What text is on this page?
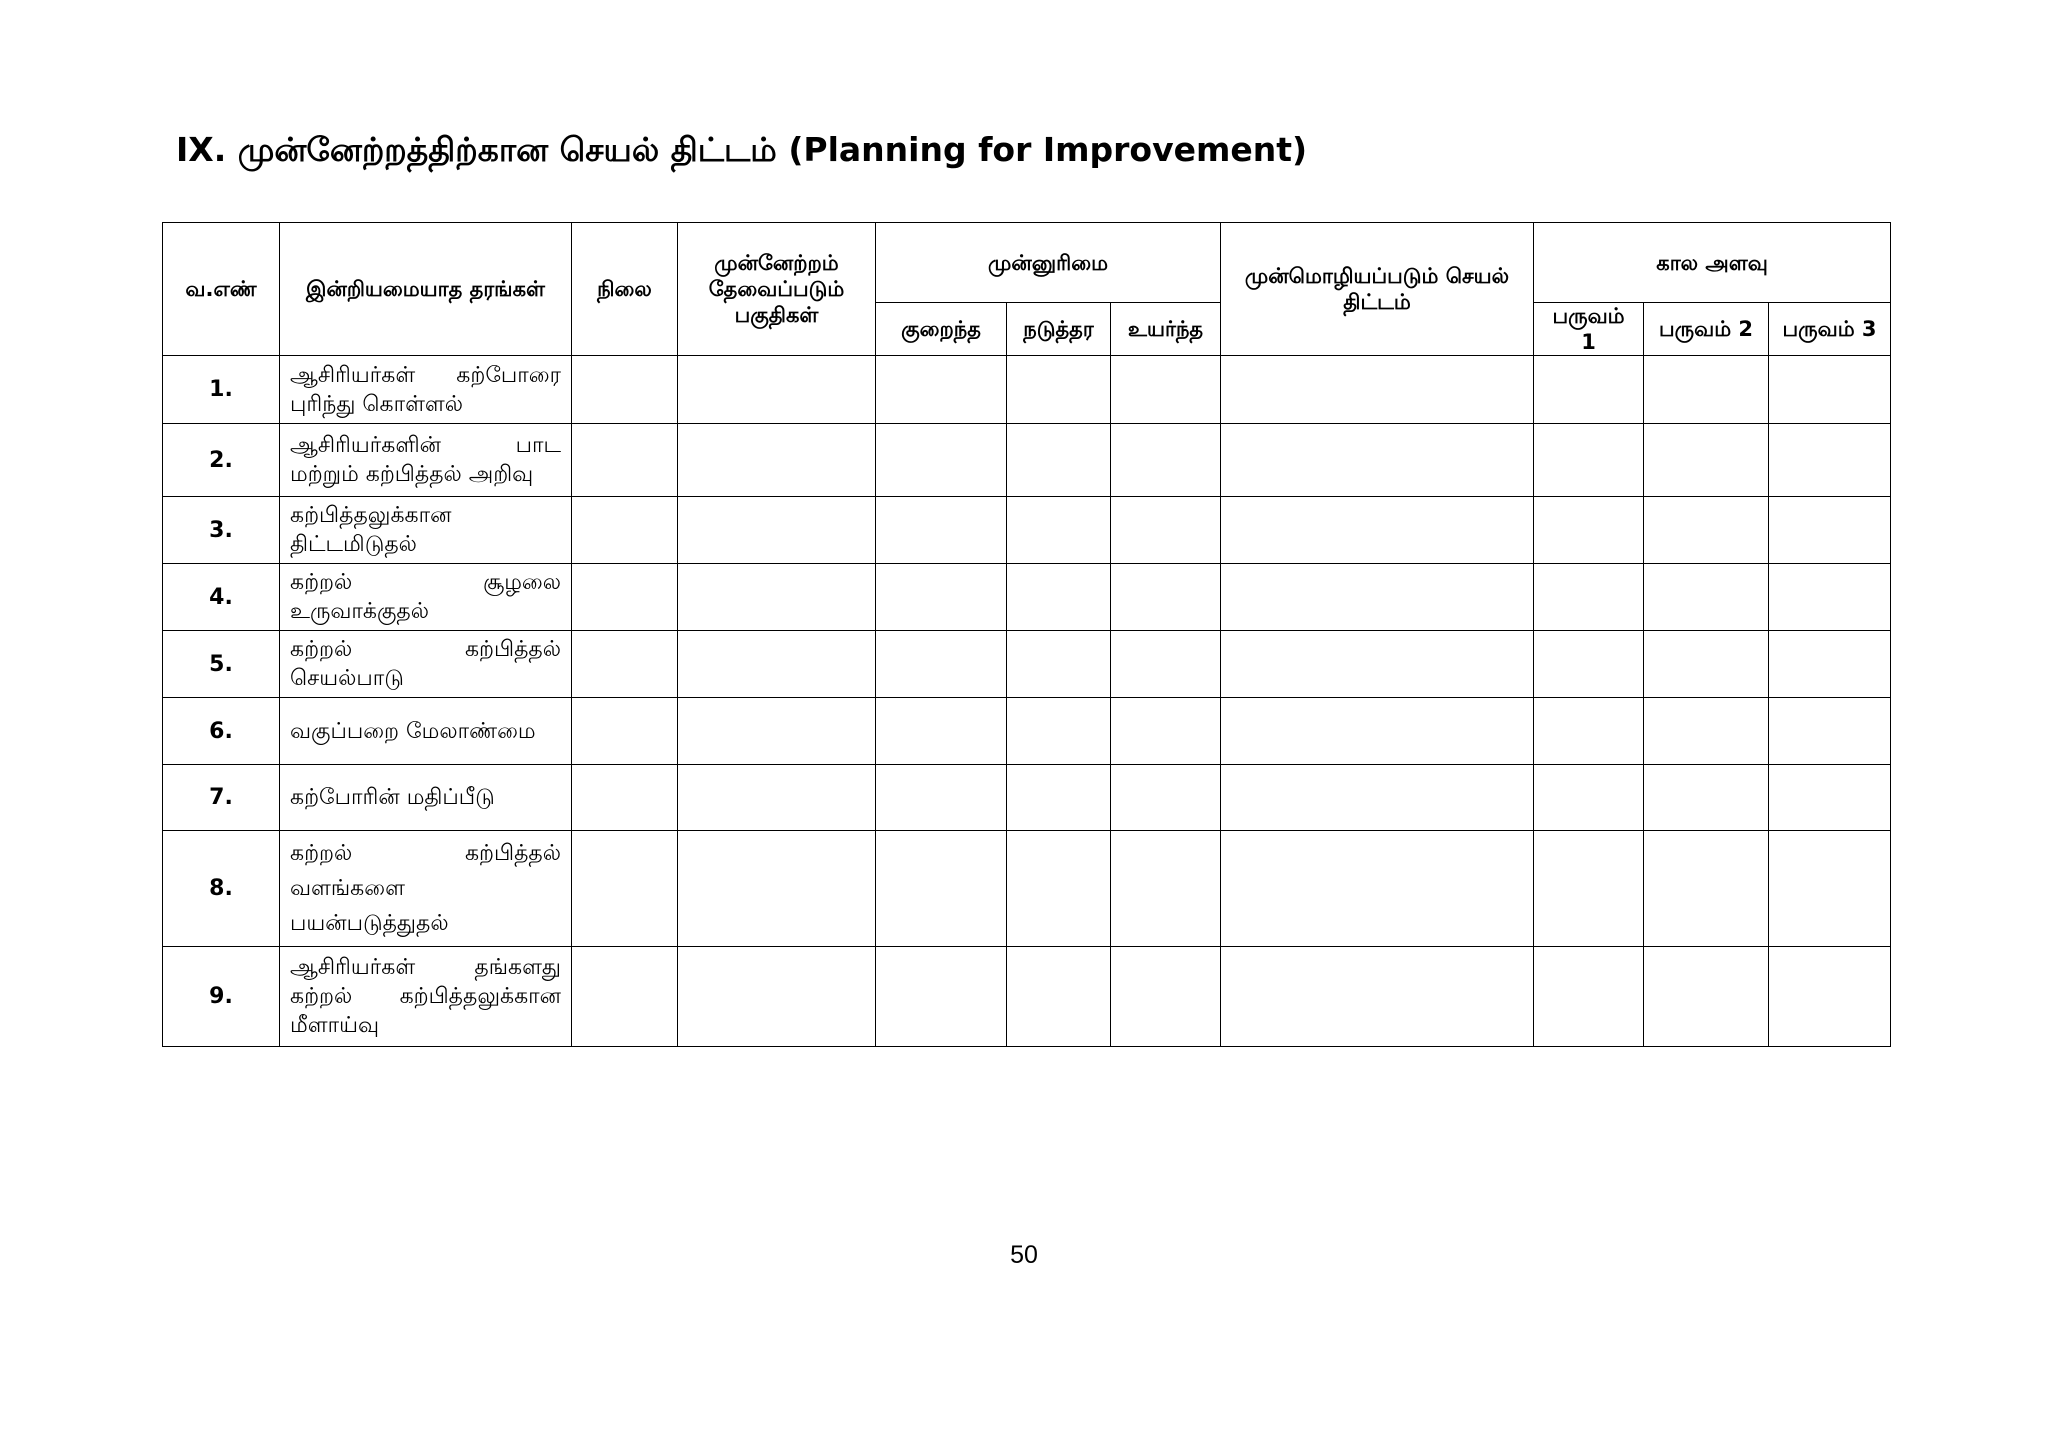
IX. முன்னேற்றத்திற்கான செயல் திட்டம் (Planning for Improvement)
வ.எண்	இன்றியமையாத தரங்கள்	நிலை	முன்னேற்றம் தேவைப்படும் பகுதிகள்	முன்னுரிமை			முன்மொழியப்படும் செயல் திட்டம்	கால அளவு		
				குறைந்த	நடுத்தர	உயர்ந்த		பருவம் 1	பருவம் 2	பருவம் 3
1.	ஆசிரியர்கள் கற்போரை புரிந்து கொள்ளல்									
2.	ஆசிரியர்களின் பாட மற்றும் கற்பித்தல் அறிவு									
3.	கற்பித்தலுக்கான திட்டமிடுதல்									
4.	கற்றல் சூழலை உருவாக்குதல்									
5.	கற்றல் கற்பித்தல் செயல்பாடு									
6.	வகுப்பறை மேலாண்மை									
7.	கற்போரின் மதிப்பீடு									
8.	கற்றல் கற்பித்தல் வளங்களை பயன்படுத்துதல்									
9.	ஆசிரியர்கள் தங்களது கற்றல் கற்பித்தலுக்கான மீளாய்வு									
50
